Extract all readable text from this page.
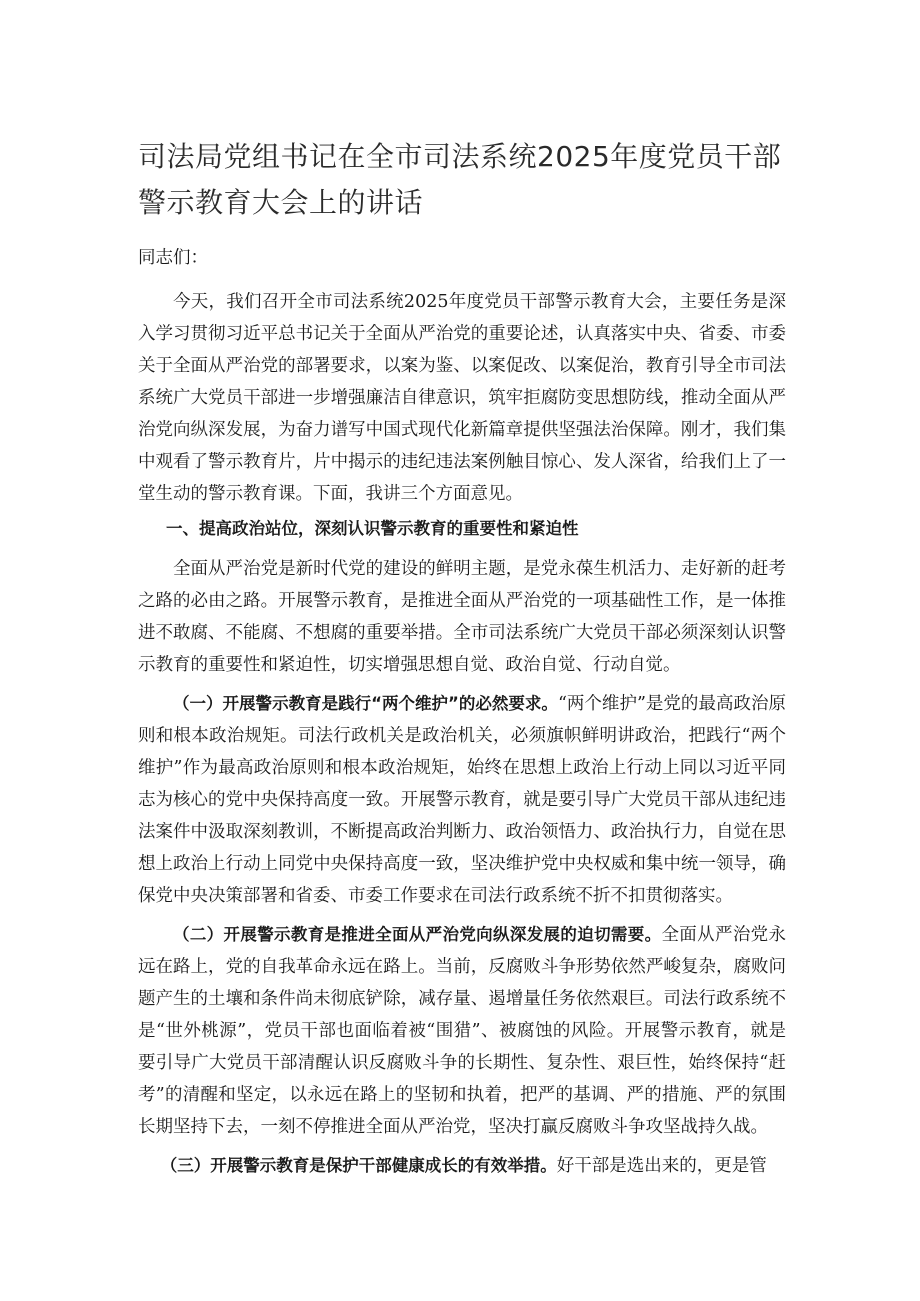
司法局党组书记在全市司法系统2025年度党员干部警示教育大会上的讲话

同志们：

今天，我们召开全市司法系统2025年度党员干部警示教育大会，主要任务是深入学习贯彻习近平总书记关于全面从严治党的重要论述，认真落实中央、省委、市委关于全面从严治党的部署要求，以案为鉴、以案促改、以案促治，教育引导全市司法系统广大党员干部进一步增强廉洁自律意识，筑牢拒腐防变思想防线，推动全面从严治党向纵深发展，为奋力谱写中国式现代化新篇章提供坚强法治保障。刚才，我们集中观看了警示教育片，片中揭示的违纪违法案例触目惊心、发人深省，给我们上了一堂生动的警示教育课。下面，我讲三个方面意见。

一、提高政治站位，深刻认识警示教育的重要性和紧迫性

全面从严治党是新时代党的建设的鲜明主题，是党永葆生机活力、走好新的赶考之路的必由之路。开展警示教育，是推进全面从严治党的一项基础性工作，是一体推进不敢腐、不能腐、不想腐的重要举措。全市司法系统广大党员干部必须深刻认识警示教育的重要性和紧迫性，切实增强思想自觉、政治自觉、行动自觉。

（一）开展警示教育是践行“两个维护”的必然要求。“两个维护”是党的最高政治原则和根本政治规矩。司法行政机关是政治机关，必须旗帜鲜明讲政治，把践行“两个维护”作为最高政治原则和根本政治规矩，始终在思想上政治上行动上同以习近平同志为核心的党中央保持高度一致。开展警示教育，就是要引导广大党员干部从违纪违法案件中汲取深刻教训，不断提高政治判断力、政治领悟力、政治执行力，自觉在思想上政治上行动上同党中央保持高度一致，坚决维护党中央权威和集中统一领导，确保党中央决策部署和省委、市委工作要求在司法行政系统不折不扣贯彻落实。

（二）开展警示教育是推进全面从严治党向纵深发展的迫切需要。全面从严治党永远在路上，党的自我革命永远在路上。当前，反腐败斗争形势依然严峻复杂，腐败问题产生的土壤和条件尚未彻底铲除，减存量、遏增量任务依然艰巨。司法行政系统不是“世外桃源”，党员干部也面临着被“围猎”、被腐蚀的风险。开展警示教育，就是要引导广大党员干部清醒认识反腐败斗争的长期性、复杂性、艰巨性，始终保持“赶考”的清醒和坚定，以永远在路上的坚韧和执着，把严的基调、严的措施、严的氛围长期坚持下去，一刻不停推进全面从严治党，坚决打赢反腐败斗争攻坚战持久战。

（三）开展警示教育是保护干部健康成长的有效举措。好干部是选出来的，更是管
